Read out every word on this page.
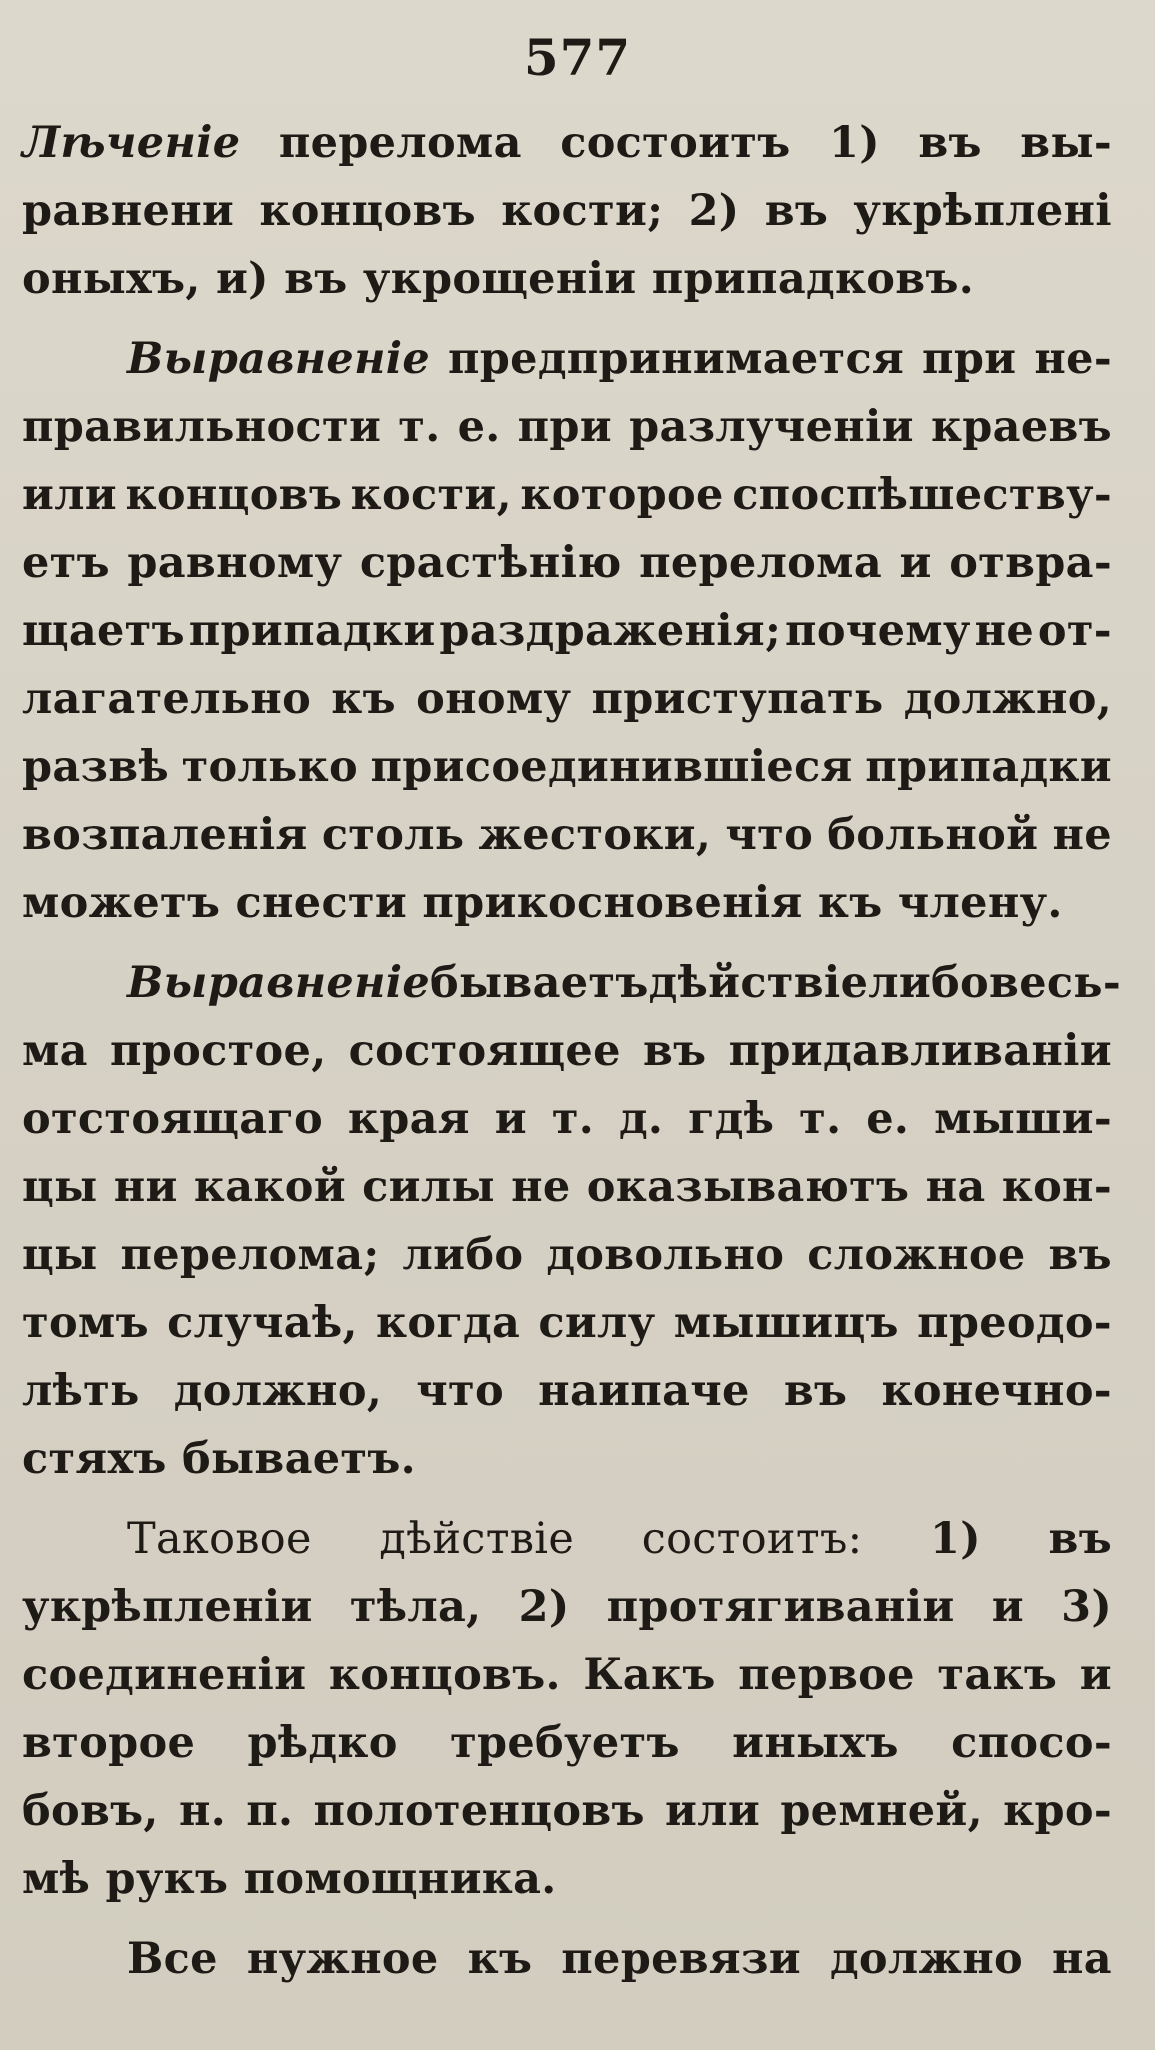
577
Лѣченіе перелома состоитъ 1) въ вы-
равнени концовъ кости; 2) въ укрѣплені
оныхъ,
и)
въ
укрощеніи
припадковъ.
Выравненіе предпринимается при не-
правильности т. е. при разлученіи краевъ
или концовъ кости, которое споспѣшеству-
етъ равному срастѣнію перелома и отвра-
щаетъ припадки раздраженія; почему не от-
лагательно къ оному приступать должно,
развѣ только присоединившіеся припадки
возпаленія столь жестоки, что больной не
можетъ
снести
прикосновенія
къ
члену.
Выравненіе бываетъ дѣйствіе либо весь-
ма простое, состоящее въ придавливаніи
отстоящаго края и т. д. гдѣ т. е. мыши-
цы ни какой силы не оказываютъ на кон-
цы перелома; либо довольно сложное въ
томъ случаѣ, когда силу мышицъ преодо-
лѣть должно, что наипаче въ конечно-
стяхъ
бываетъ.
Таковое дѣйствіе состоитъ: 1) въ
укрѣпленіи тѣла, 2) протягиваніи и 3)
соединеніи концовъ. Какъ первое такъ и
второе рѣдко требуетъ иныхъ спосо-
бовъ, н. п. полотенцовъ или ремней, кро-
мѣ
рукъ
помощника.
Все нужное къ перевязи должно на
